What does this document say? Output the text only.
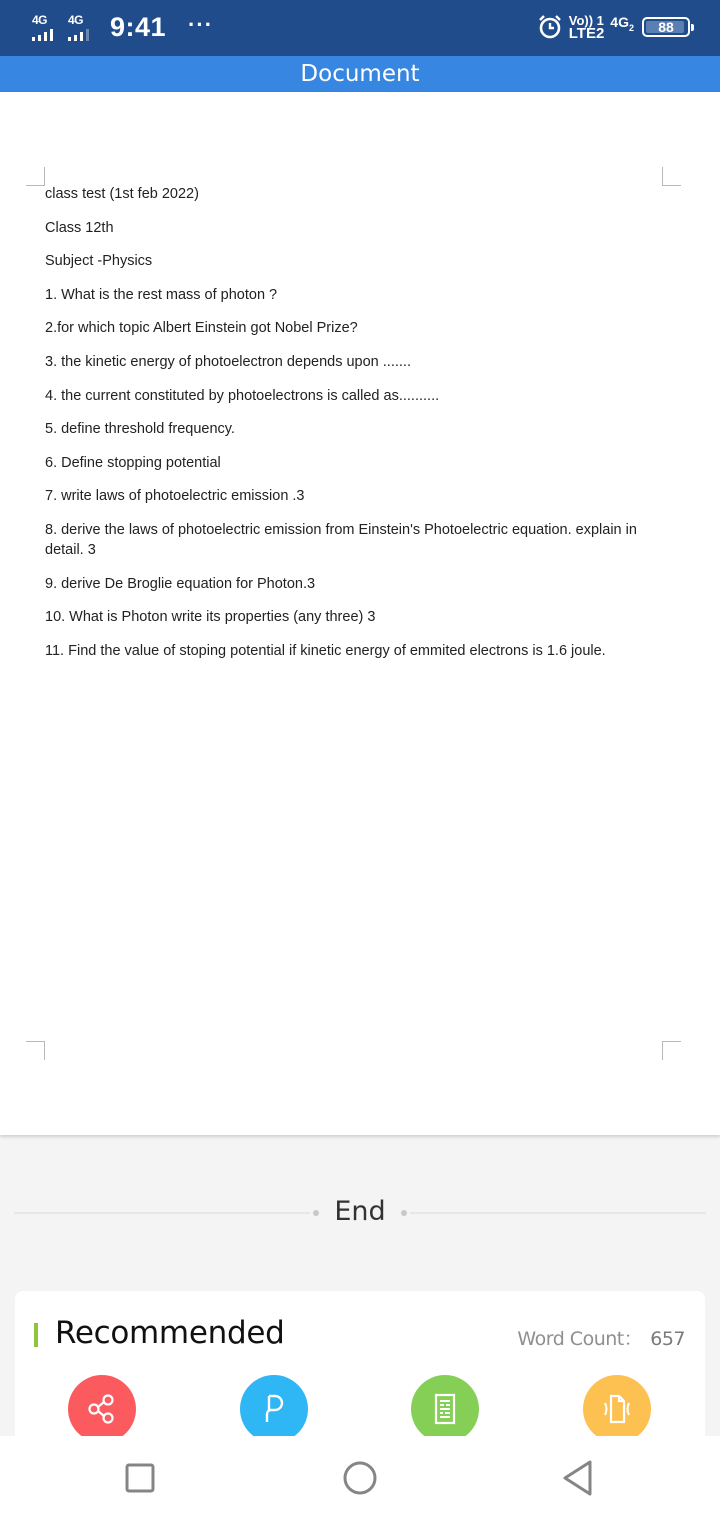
4G 4G 9:41 ···	Vo)) 1
LTE2
$4G_2$ 88
Document

class test (1st feb 2022)

Class 12th

Subject -Physics

1. What is the rest mass of photon ?

2.for which topic Albert Einstein got Nobel Prize?

3. the kinetic energy of photoelectron depends upon .......

4. the current constituted by photoelectrons is called as..........

5. define threshold frequency.

6. Define stopping potential

7. write laws of photoelectric emission .3

8. derive the laws of photoelectric emission from Einstein's Photoelectric equation. explain in detail. 3

9. derive De Broglie equation for Photon.3

10. What is Photon write its properties (any three) 3

11. Find the value of stoping potential if kinetic energy of emmited electrons is 1.6 joule.

End
Recommended	Word Count： 657
